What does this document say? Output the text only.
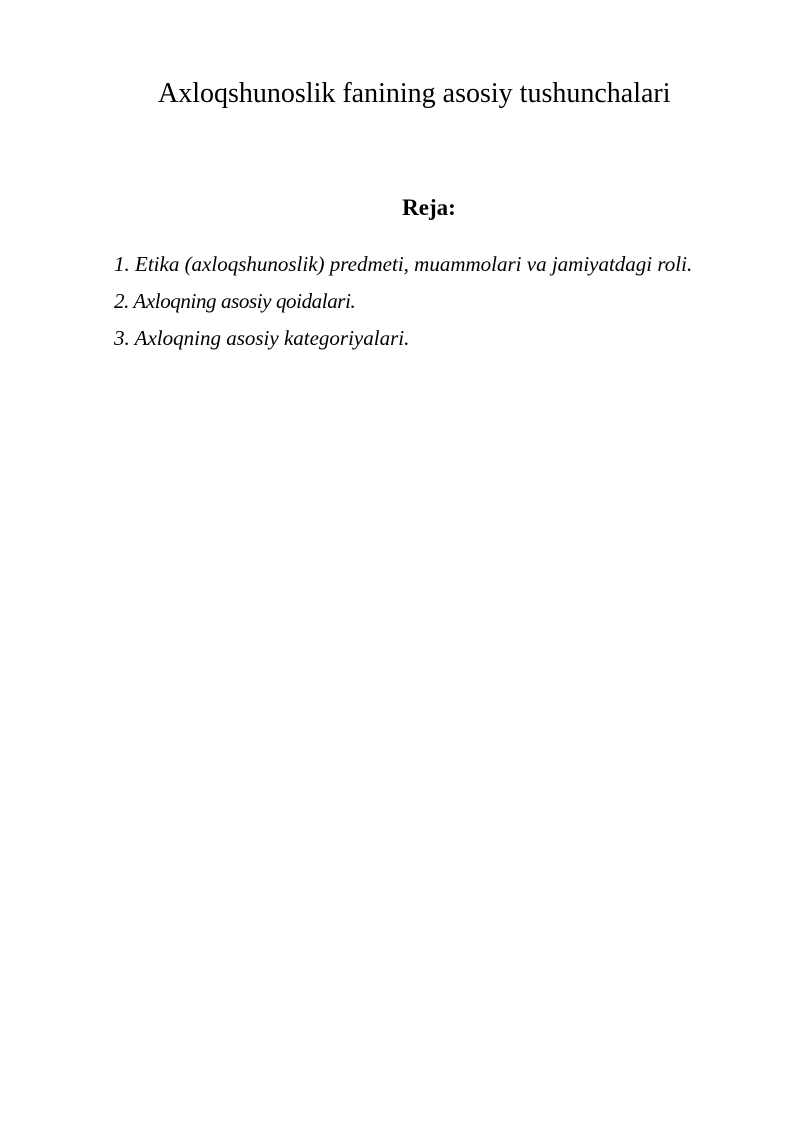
Axloqshunoslik fanining asosiy tushunchalari
Reja:
1. Etika (axloqshunoslik) predmeti, muammolari va jamiyatdagi roli.
2. Axloqning asosiy qoidalari.
3. Axloqning asosiy kategoriyalari.
